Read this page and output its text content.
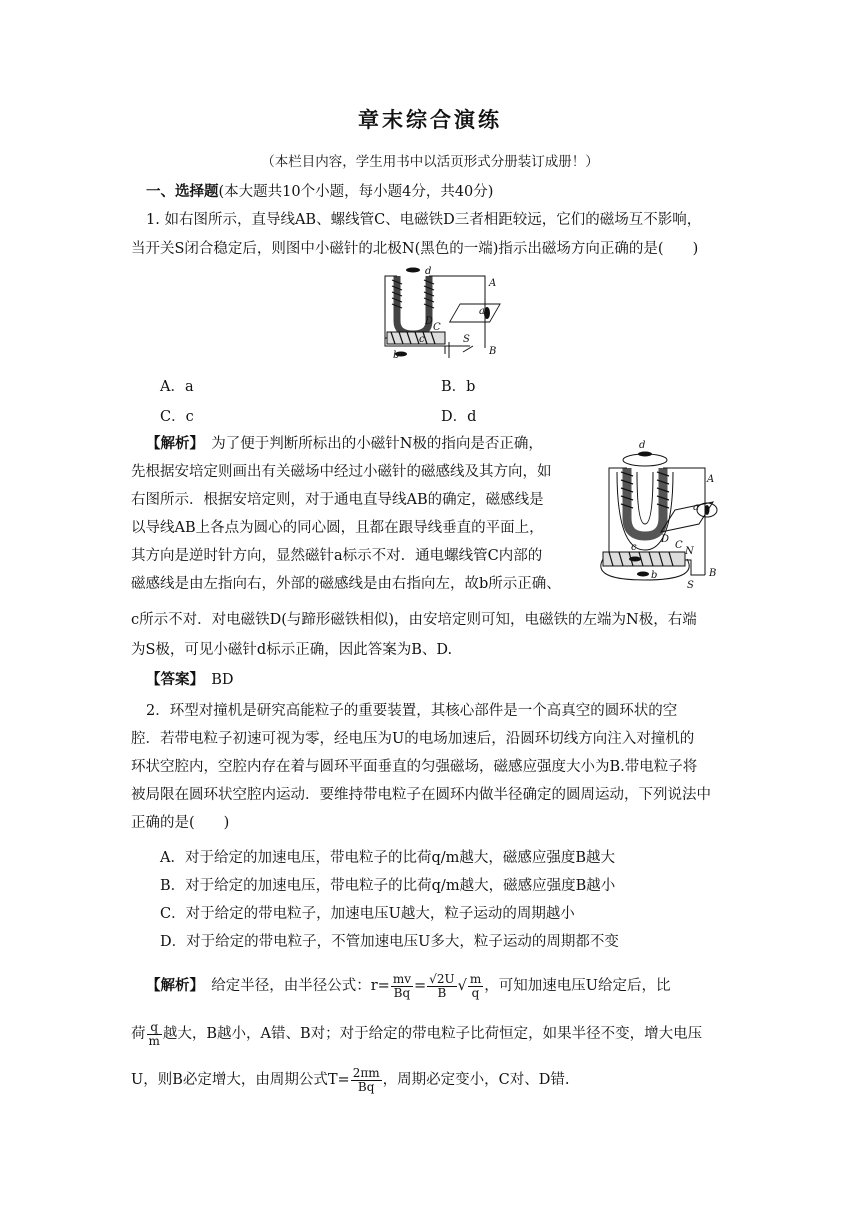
章末综合演练
（本栏目内容，学生用书中以活页形式分册装订成册！）
一、选择题(本大题共10个小题，每小题4分，共40分)
1. 如右图所示，直导线AB、螺线管C、电磁铁D三者相距较远，它们的磁场互不影响，
当开关S闭合稳定后，则图中小磁针的北极N(黑色的一端)指示出磁场方向正确的是(　　)
d
A
a
D
C
c	S
b	B
A．a	B．b
C．c	D．d
【解析】　 为了便于判断所标出的小磁针N极的指向是否正确，
先根据安培定则画出有关磁场中经过小磁针的磁感线及其方向，如
右图所示．根据安培定则，对于通电直导线AB的确定，磁感线是
以导线AB上各点为圆心的同心圆，且都在跟导线垂直的平面上，
其方向是逆时针方向，显然磁针a标示不对．通电螺线管C内部的
磁感线是由左指向右，外部的磁感线是由右指向左，故b所示正确、
c所示不对．对电磁铁D(与蹄形磁铁相似)，由安培定则可知，电磁铁的左端为N极，右端
为S极，可见小磁针d标示正确，因此答案为B、D.
d
A
a
D
C
N
c
b
S
B
【答案】　 BD
2．环型对撞机是研究高能粒子的重要装置，其核心部件是一个高真空的圆环状的空
腔．若带电粒子初速可视为零，经电压为U的电场加速后，沿圆环切线方向注入对撞机的
环状空腔内，空腔内存在着与圆环平面垂直的匀强磁场，磁感应强度大小为B.带电粒子将
被局限在圆环状空腔内运动．要维持带电粒子在圆环内做半径确定的圆周运动，下列说法中
正确的是(　　)
A．对于给定的加速电压，带电粒子的比荷q/m越大，磁感应强度B越大
B．对于给定的加速电压，带电粒子的比荷q/m越大，磁感应强度B越小
C．对于给定的带电粒子，加速电压U越大，粒子运动的周期越小
D．对于给定的带电粒子，不管加速电压U多大，粒子运动的周期都不变
【解析】　 给定半径，由半径公式：$r= \frac{mv}{Bq} = \frac{√2U}{B}$ √ $\frac{m}{q}$ ，可知加速电压U给定后，比
荷 $\frac{q}{m}$ 越大，B越小，A错、B对；对于给定的带电粒子比荷恒定，如果半径不变，增大电压
U，则B必定增大，由周期公式$T= \frac{2\pi m}{Bq}$ ，周期必定变小，C对、D错.
